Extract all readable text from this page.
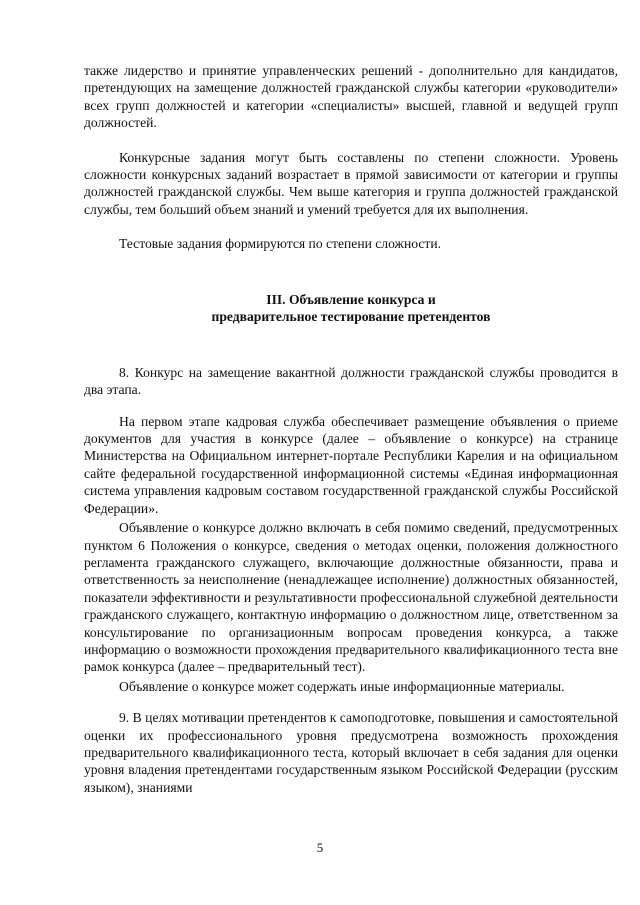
также лидерство и принятие управленческих решений - дополнительно для кандидатов, претендующих на замещение должностей гражданской службы категории «руководители» всех групп должностей и категории «специалисты» высшей, главной и ведущей групп должностей.

Конкурсные задания могут быть составлены по степени сложности. Уровень сложности конкурсных заданий возрастает в прямой зависимости от категории и группы должностей гражданской службы. Чем выше категория и группа должностей гражданской службы, тем больший объем знаний и умений требуется для их выполнения.

Тестовые задания формируются по степени сложности.

III. Объявление конкурса и
предварительное тестирование претендентов

8. Конкурс на замещение вакантной должности гражданской службы проводится в два этапа.

На первом этапе кадровая служба обеспечивает размещение объявления о приеме документов для участия в конкурсе (далее – объявление о конкурсе) на странице Министерства на Официальном интернет-портале Республики Карелия и на официальном сайте федеральной государственной информационной системы «Единая информационная система управления кадровым составом государственной гражданской службы Российской Федерации».

Объявление о конкурсе должно включать в себя помимо сведений, предусмотренных пунктом 6 Положения о конкурсе, сведения о методах оценки, положения должностного регламента гражданского служащего, включающие должностные обязанности, права и ответственность за неисполнение (ненадлежащее исполнение) должностных обязанностей, показатели эффективности и результативности профессиональной служебной деятельности гражданского служащего, контактную информацию о должностном лице, ответственном за консультирование по организационным вопросам проведения конкурса, а также информацию о возможности прохождения предварительного квалификационного теста вне рамок конкурса (далее – предварительный тест).

Объявление о конкурсе может содержать иные информационные материалы.

9. В целях мотивации претендентов к самоподготовке, повышения и самостоятельной оценки их профессионального уровня предусмотрена возможность прохождения предварительного квалификационного теста, который включает в себя задания для оценки уровня владения претендентами государственным языком Российской Федерации (русским языком), знаниями

5
